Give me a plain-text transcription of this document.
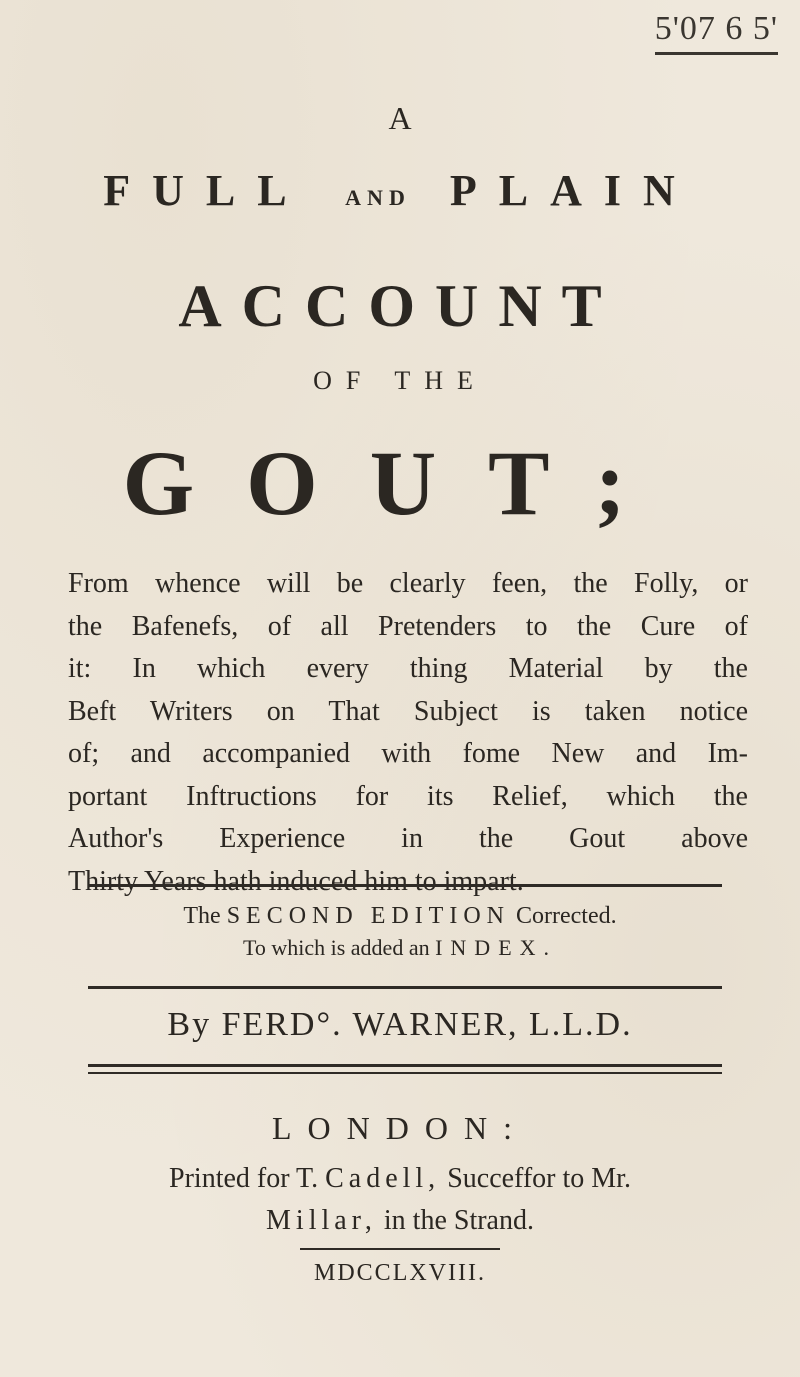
5'07 6 5'
A
FULL AND PLAIN
ACCOUNT
OF THE
GOUT;
From whence will be clearly feen, the Folly, or
the Bafenefs, of all Pretenders to the Cure of
it: In which every thing Material by the
Beft Writers on That Subject is taken notice
of; and accompanied with fome New and Im-
portant Inftructions for its Relief, which the
Author's Experience in the Gout above
Thirty Years hath induced him to impart.
The SECOND EDITION Corrected.
To which is added an INDEX.
By FERD°. WARNER, L.L.D.
LONDON:
Printed for T. Cadell, Succeffor to Mr.
Millar, in the Strand.
MDCCLXVIII.
